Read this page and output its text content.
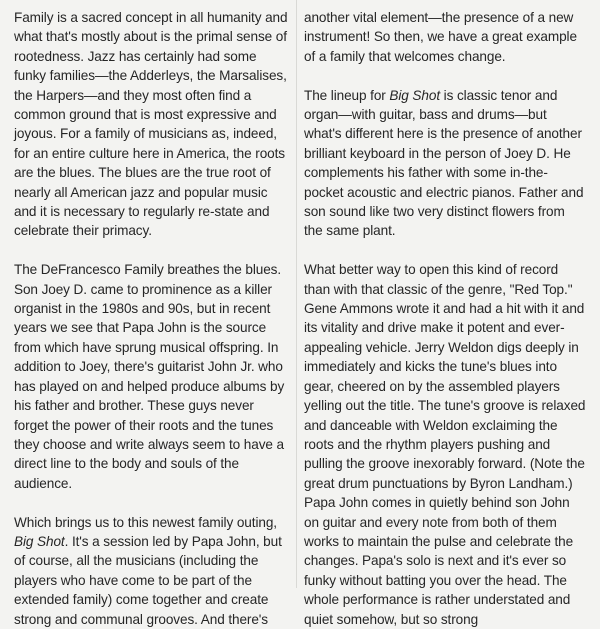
Family is a sacred concept in all humanity and what that's mostly about is the primal sense of rootedness. Jazz has certainly had some funky families—the Adderleys, the Marsalises, the Harpers—and they most often find a common ground that is most expressive and joyous. For a family of musicians as, indeed, for an entire culture here in America, the roots are the blues. The blues are the true root of nearly all American jazz and popular music and it is necessary to regularly re-state and celebrate their primacy.

The DeFrancesco Family breathes the blues. Son Joey D. came to prominence as a killer organist in the 1980s and 90s, but in recent years we see that Papa John is the source from which have sprung musical offspring. In addition to Joey, there's guitarist John Jr. who has played on and helped produce albums by his father and brother. These guys never forget the power of their roots and the tunes they choose and write always seem to have a direct line to the body and souls of the audience.

Which brings us to this newest family outing, Big Shot. It's a session led by Papa John, but of course, all the musicians (including the players who have come to be part of the extended family) come together and create strong and communal grooves. And there's

another vital element—the presence of a new instrument! So then, we have a great example of a family that welcomes change.

The lineup for Big Shot is classic tenor and organ—with guitar, bass and drums—but what's different here is the presence of another brilliant keyboard in the person of Joey D. He complements his father with some in-the-pocket acoustic and electric pianos. Father and son sound like two very distinct flowers from the same plant.

What better way to open this kind of record than with that classic of the genre, "Red Top." Gene Ammons wrote it and had a hit with it and its vitality and drive make it potent and ever-appealing vehicle. Jerry Weldon digs deeply in immediately and kicks the tune's blues into gear, cheered on by the assembled players yelling out the title. The tune's groove is relaxed and danceable with Weldon exclaiming the roots and the rhythm players pushing and pulling the groove inexorably forward. (Note the great drum punctuations by Byron Landham.) Papa John comes in quietly behind son John on guitar and every note from both of them works to maintain the pulse and celebrate the changes. Papa's solo is next and it's ever so funky without batting you over the head. The whole performance is rather understated and quiet somehow, but so strong
